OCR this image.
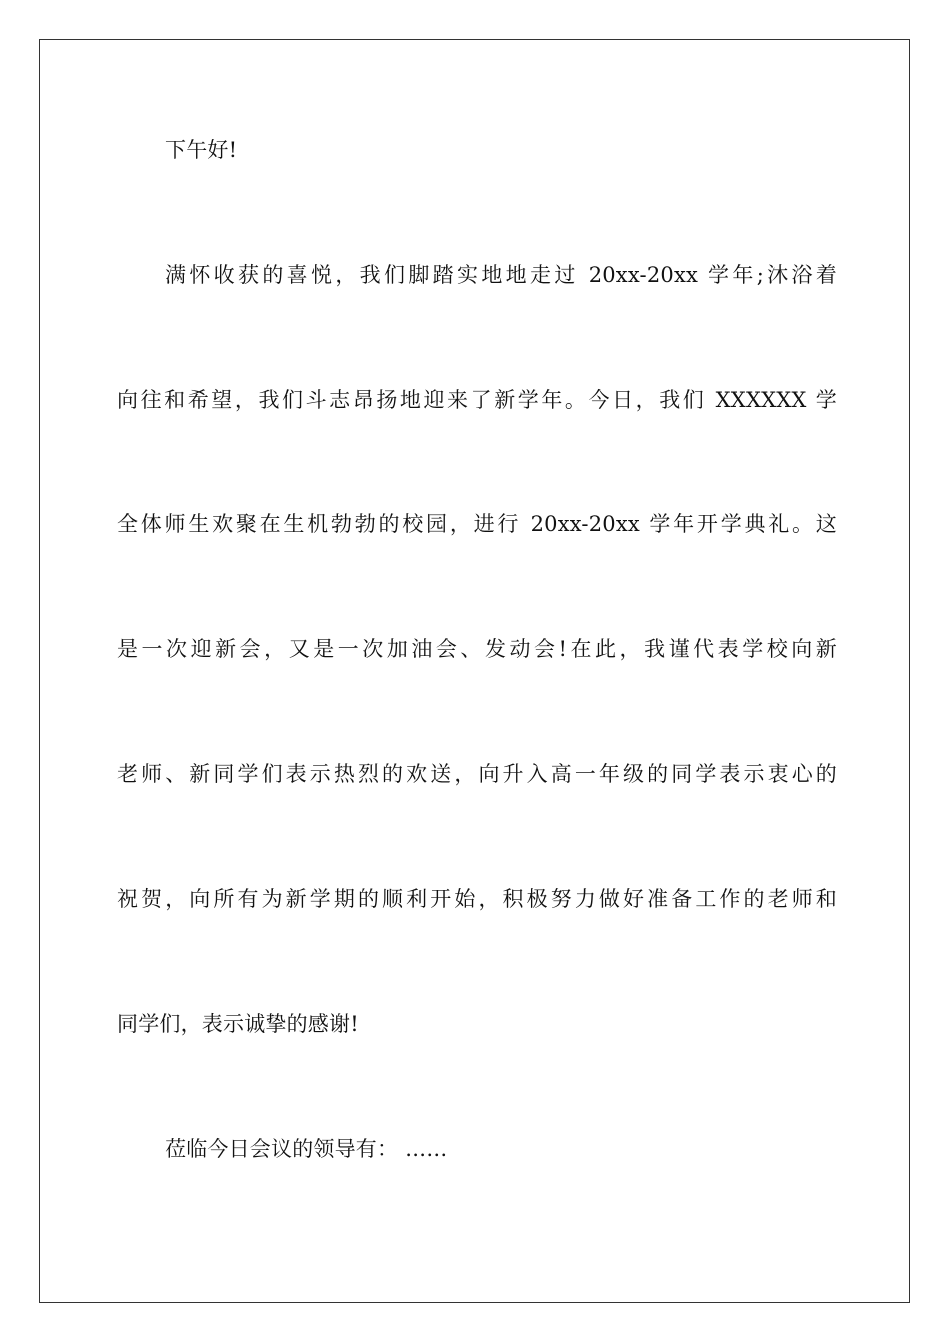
下午好!
满怀收获的喜悦，我们脚踏实地地走过 20xx-20xx 学年;沐浴着
向往和希望，我们斗志昂扬地迎来了新学年。今日，我们 XXXXXX 学
全体师生欢聚在生机勃勃的校园，进行 20xx-20xx 学年开学典礼。这
是一次迎新会，又是一次加油会、发动会!在此，我谨代表学校向新
老师、新同学们表示热烈的欢送，向升入高一年级的同学表示衷心的
祝贺，向所有为新学期的顺利开始，积极努力做好准备工作的老师和
同学们，表示诚挚的感谢!
莅临今日会议的领导有： ……
